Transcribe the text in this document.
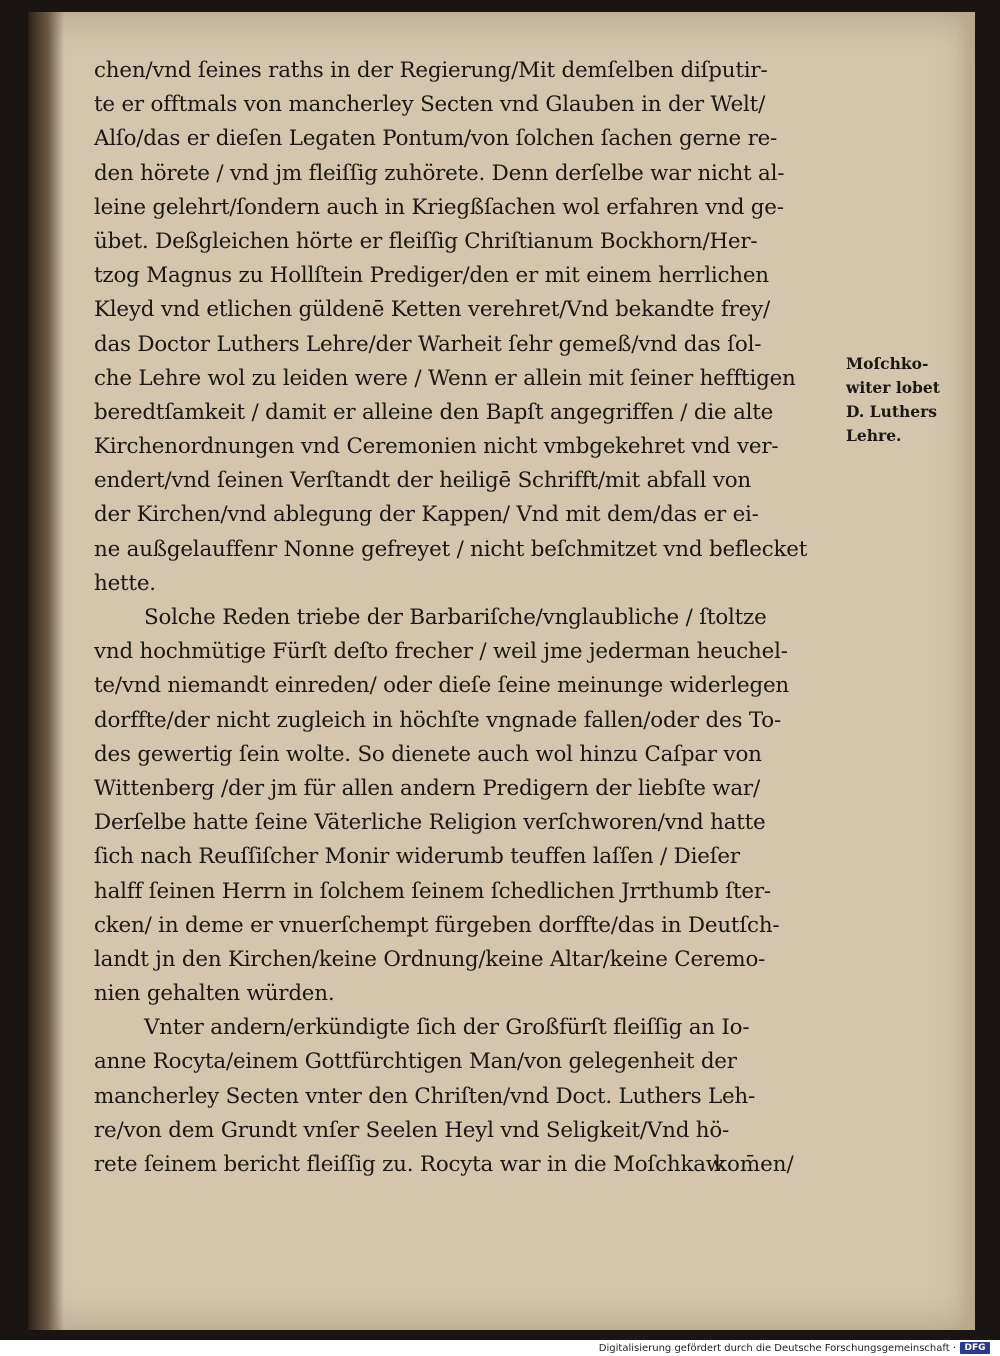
chen/vnd ſeines raths in der Regierung/Mit demſelben diſputir-
te er offtmals von mancherley Secten vnd Glauben in der Welt/
Alſo/das er dieſen Legaten Pontum/von ſolchen ſachen gerne re-
den hörete / vnd jm fleiſſig zuhörete. Denn derſelbe war nicht al-
leine gelehrt/ſondern auch in Kriegßſachen wol erfahren vnd ge-
übet. Deßgleichen hörte er fleiſſig Chriſtianum Bockhorn/Her-
tzog Magnus zu Hollſtein Prediger/den er mit einem herrlichen
Kleyd vnd etlichen güldenē Ketten verehret/Vnd bekandte frey/
das Doctor Luthers Lehre/der Warheit ſehr gemeß/vnd das ſol-
che Lehre wol zu leiden were / Wenn er allein mit ſeiner hefftigen
beredtſamkeit / damit er alleine den Bapſt angegriffen / die alte
Kirchenordnungen vnd Ceremonien nicht vmbgekehret vnd ver-
endert/vnd ſeinen Verſtandt der heiligē Schrifft/mit abfall von
der Kirchen/vnd ablegung der Kappen/ Vnd mit dem/das er ei-
ne außgelauffenr Nonne gefreyet / nicht beſchmitzet vnd beflecket
hette.
Solche Reden triebe der Barbariſche/vnglaubliche / ſtoltze
vnd hochmütige Fürſt deſto frecher / weil jme jederman heuchel-
te/vnd niemandt einreden/ oder dieſe ſeine meinunge widerlegen
dorffte/der nicht zugleich in höchſte vngnade fallen/oder des To-
des gewertig ſein wolte. So dienete auch wol hinzu Caſpar von
Wittenberg /der jm für allen andern Predigern der liebſte war/
Derſelbe hatte ſeine Väterliche Religion verſchworen/vnd hatte
ſich nach Reuſſiſcher Monir widerumb teuffen laſſen / Dieſer
halff ſeinen Herrn in ſolchem ſeinem ſchedlichen Jrrthumb ſter-
cken/ in deme er vnuerſchempt fürgeben dorffte/das in Deutſch-
landt jn den Kirchen/keine Ordnung/keine Altar/keine Ceremo-
nien gehalten würden.
Vnter andern/erkündigte ſich der Großfürſt fleiſſig an Io-
anne Rocyta/einem Gottfürchtigen Man/von gelegenheit der
mancherley Secten vnter den Chriſten/vnd Doct. Luthers Leh-
re/von dem Grundt vnſer Seelen Heyl vnd Seligkeit/Vnd hö-
rete ſeinem bericht fleiſſig zu. Rocyta war in die Moſchkaw
Moſchko-
witer lobet
D. Luthers
Lehre.
kom̄en/
Digitalisierung gefördert durch die Deutsche Forschungsgemeinschaft · DFG
